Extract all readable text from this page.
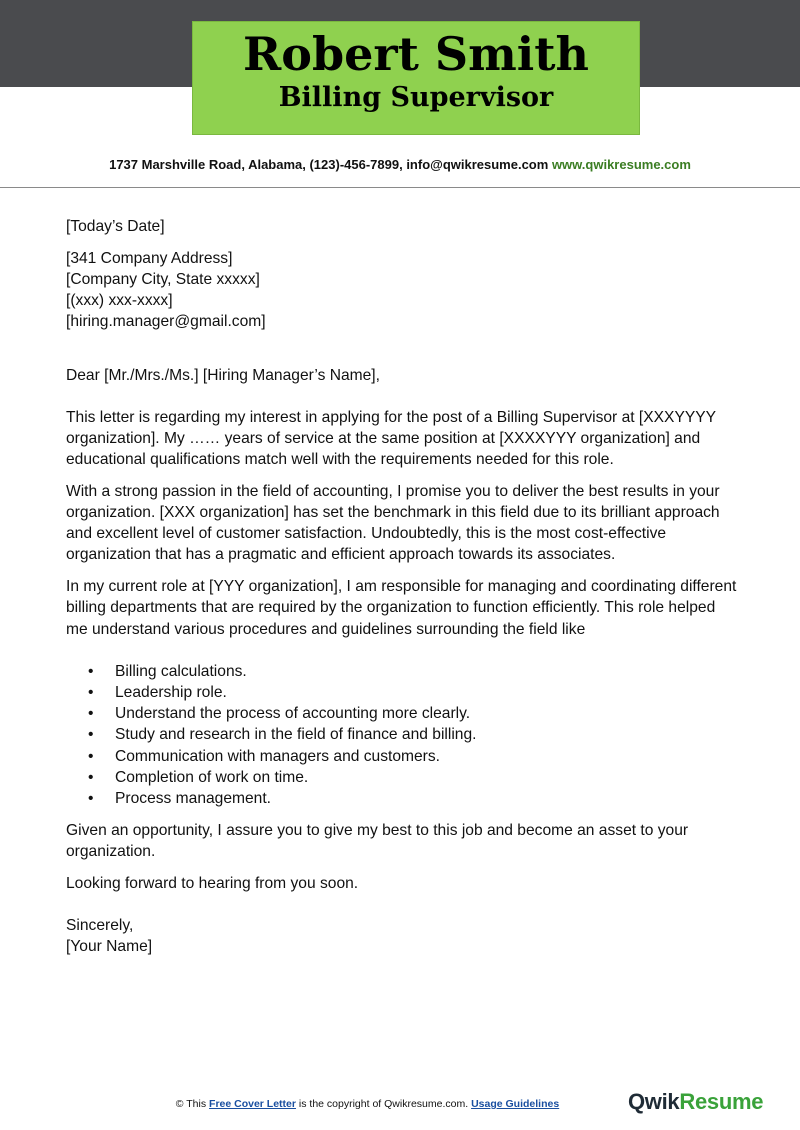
Robert Smith
Billing Supervisor
1737 Marshville Road, Alabama, (123)-456-7899, info@qwikresume.com www.qwikresume.com

[Today’s Date]

[341 Company Address]

[Company City, State xxxxx]

[(xxx) xxx-xxxx]

[hiring.manager@gmail.com]

Dear [Mr./Mrs./Ms.] [Hiring Manager’s Name],

This letter is regarding my interest in applying for the post of a Billing Supervisor at [XXXYYYY organization]. My …… years of service at the same position at [XXXXYYY organization] and educational qualifications match well with the requirements needed for this role.

With a strong passion in the field of accounting, I promise you to deliver the best results in your organization. [XXX organization] has set the benchmark in this field due to its brilliant approach and excellent level of customer satisfaction. Undoubtedly, this is the most cost-effective organization that has a pragmatic and efficient approach towards its associates.

In my current role at [YYY organization], I am responsible for managing and coordinating different billing departments that are required by the organization to function efficiently. This role helped me understand various procedures and guidelines surrounding the field like

• Billing calculations.
• Leadership role.
• Understand the process of accounting more clearly.
• Study and research in the field of finance and billing.
• Communication with managers and customers.
• Completion of work on time.
• Process management.

Given an opportunity, I assure you to give my best to this job and become an asset to your organization.

Looking forward to hearing from you soon.

Sincerely,

[Your Name]

© This Free Cover Letter is the copyright of Qwikresume.com. Usage Guidelines	QwikResume
